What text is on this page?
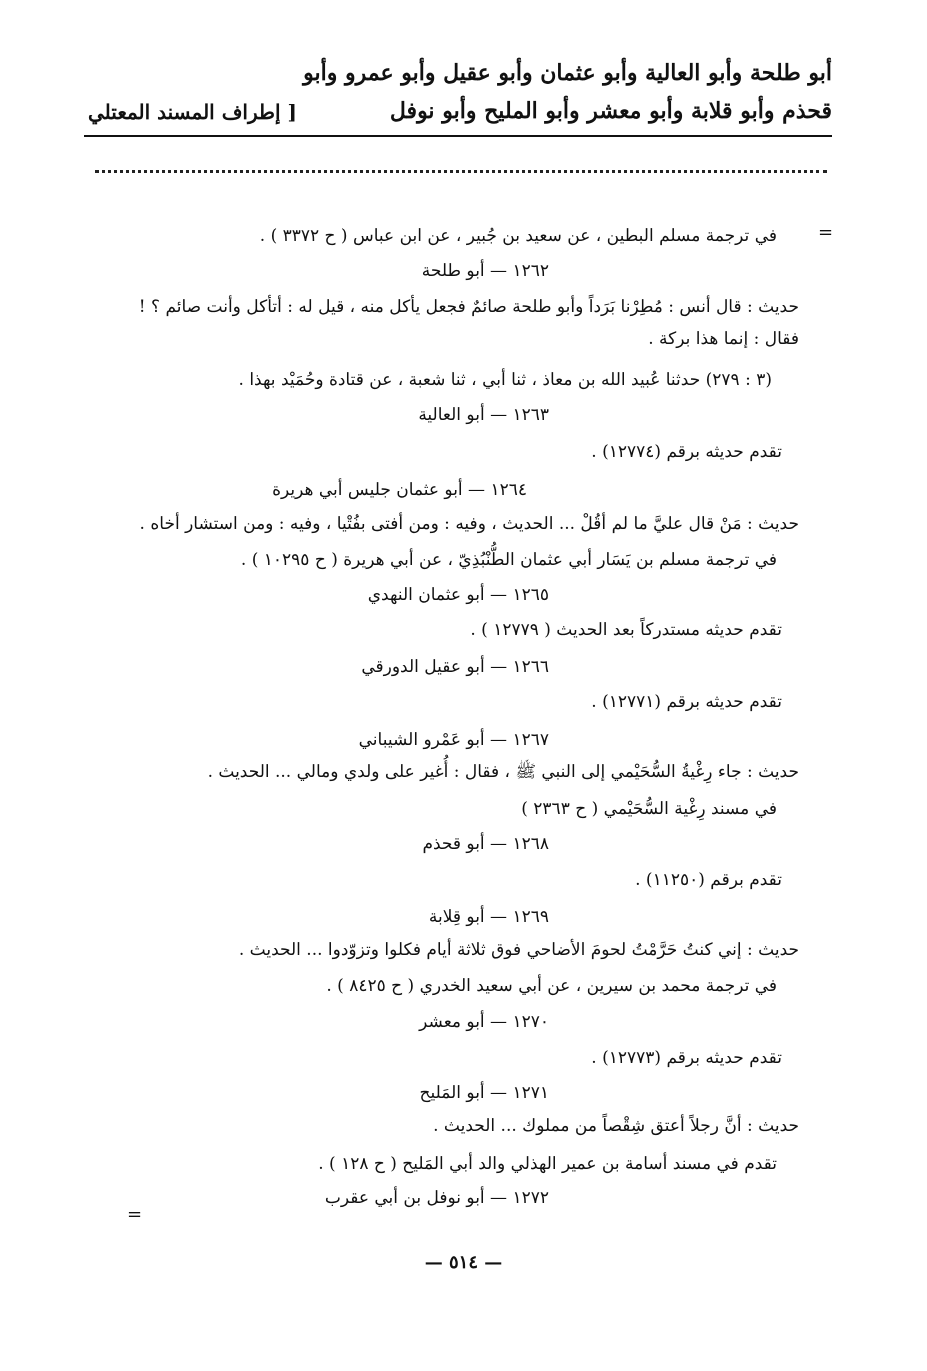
أبو طلحة وأبو العالية وأبو عثمان وأبو عقيل وأبو عمرو وأبو
قحذم وأبو قلابة وأبو معشر وأبو المليح وأبو نوفل
[ إطراف المسند المعتلي
=
في ترجمة مسلم البطين ، عن سعيد بن جُبير ، عن ابن عباس ( ح ٣٣٧٢ ) .
١٢٦٢ — أبو طلحة
حديث : قال أنس : مُطِرْنا بَرَداً وأبو طلحة صائمٌ فجعل يأكل منه ، قيل له : أتأكل وأنت صائم ؟ !
فقال : إنما هذا بركة .
(٣ : ٢٧٩) حدثنا عُبيد الله بن معاذ ، ثنا أبي ، ثنا شعبة ، عن قتادة وحُمَيْد بهذا .
١٢٦٣ — أبو العالية
تقدم حديثه برقم (١٢٧٧٤) .
١٢٦٤ — أبو عثمان جليس أبي هريرة
حديث : مَنْ قال عليَّ ما لم أقُلْ ... الحديث ، وفيه : ومن أفتى بفُتْيا ، وفيه : ومن استشار أخاه .
في ترجمة مسلم بن يَسَار أبي عثمان الطُّنْبُذِيّ ، عن أبي هريرة ( ح ١٠٢٩٥ ) .
١٢٦٥ — أبو عثمان النهدي
تقدم حديثه مستدركاً بعد الحديث ( ١٢٧٧٩ ) .
١٢٦٦ — أبو عقيل الدورقي
تقدم حديثه برقم (١٢٧٧١) .
١٢٦٧ — أبو عَمْرو الشيباني
حديث : جاء رِغْيةُ السُّحَيْمي إلى النبي ﷺ ، فقال : أُغير على ولدي ومالي ... الحديث .
في مسند رِغْية السُّحَيْمي ( ح ٢٣٦٣ )
١٢٦٨ — أبو قحذم
تقدم برقم (١١٢٥٠) .
١٢٦٩ — أبو قِلابة
حديث : إني كنتُ حَرَّمْتُ لحومَ الأضاحي فوق ثلاثة أيام فكلوا وتزوّدوا ... الحديث .
في ترجمة محمد بن سيرين ، عن أبي سعيد الخدري ( ح ٨٤٢٥ ) .
١٢٧٠ — أبو معشر
تقدم حديثه برقم (١٢٧٧٣) .
١٢٧١ — أبو المَليح
حديث : أنَّ رجلاً أعتق شِقْصاً من مملوك ... الحديث .
تقدم في مسند أسامة بن عمير الهذلي والد أبي المَليح ( ح ١٢٨ ) .
١٢٧٢ — أبو نوفل بن أبي عقرب
=
— ٥١٤ —
